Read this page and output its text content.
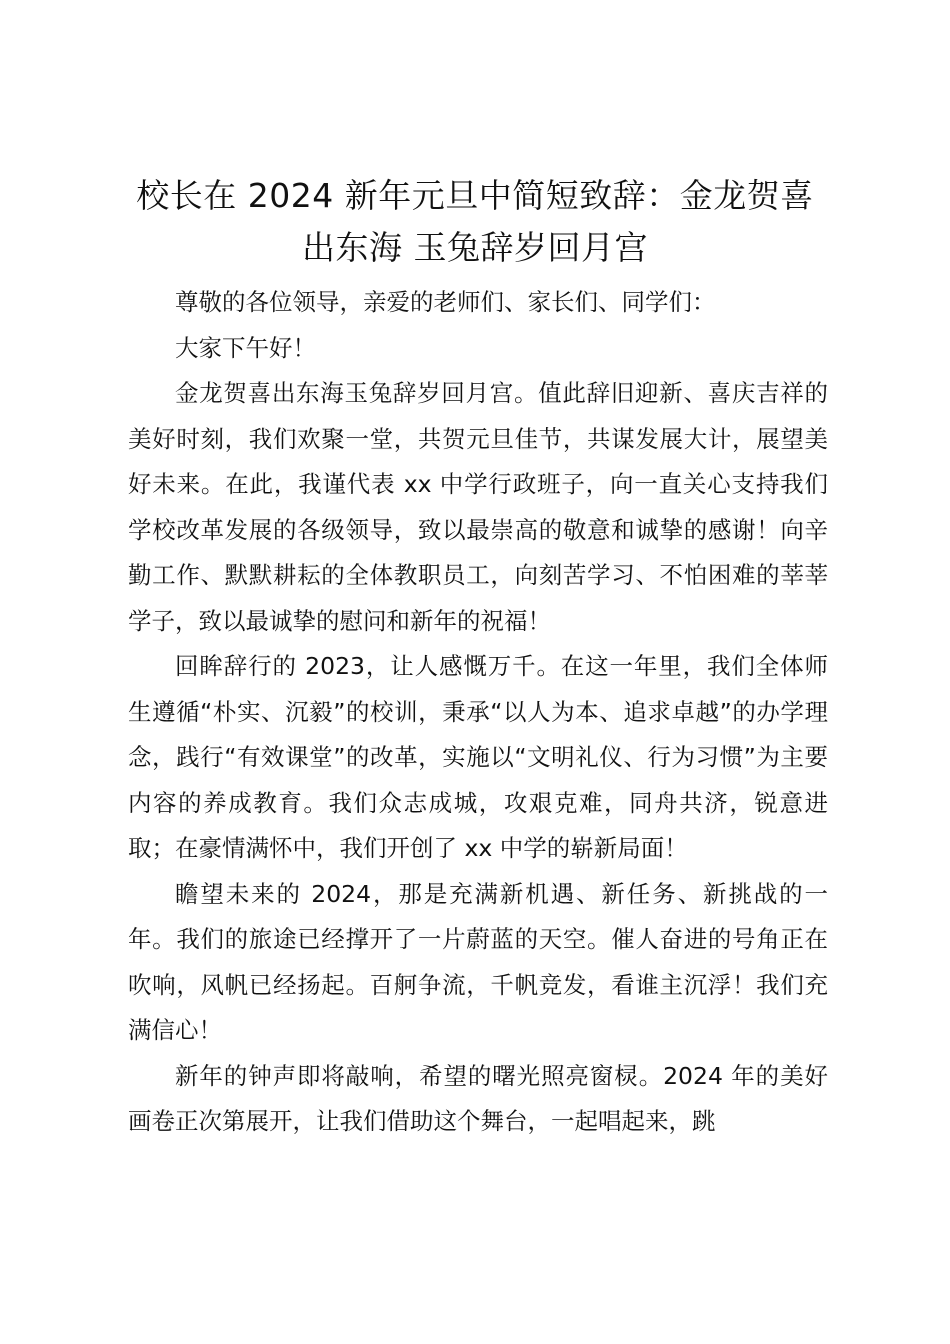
校长在 2024 新年元旦中简短致辞：金龙贺喜
出东海 玉兔辞岁回月宫

尊敬的各位领导，亲爱的老师们、家长们、同学们：

大家下午好！

金龙贺喜出东海玉兔辞岁回月宫。值此辞旧迎新、喜庆吉祥的美好时刻，我们欢聚一堂，共贺元旦佳节，共谋发展大计，展望美好未来。在此，我谨代表 xx 中学行政班子，向一直关心支持我们学校改革发展的各级领导，致以最崇高的敬意和诚挚的感谢！向辛勤工作、默默耕耘的全体教职员工，向刻苦学习、不怕困难的莘莘学子，致以最诚挚的慰问和新年的祝福！

回眸辞行的 2023，让人感慨万千。在这一年里，我们全体师生遵循“朴实、沉毅”的校训，秉承“以人为本、追求卓越”的办学理念，践行“有效课堂”的改革，实施以“文明礼仪、行为习惯”为主要内容的养成教育。我们众志成城，攻艰克难，同舟共济，锐意进取；在豪情满怀中，我们开创了 xx 中学的崭新局面！

瞻望未来的 2024，那是充满新机遇、新任务、新挑战的一年。我们的旅途已经撑开了一片蔚蓝的天空。催人奋进的号角正在吹响，风帆已经扬起。百舸争流，千帆竞发，看谁主沉浮！我们充满信心！

新年的钟声即将敲响，希望的曙光照亮窗棂。2024 年的美好画卷正次第展开，让我们借助这个舞台，一起唱起来，跳
